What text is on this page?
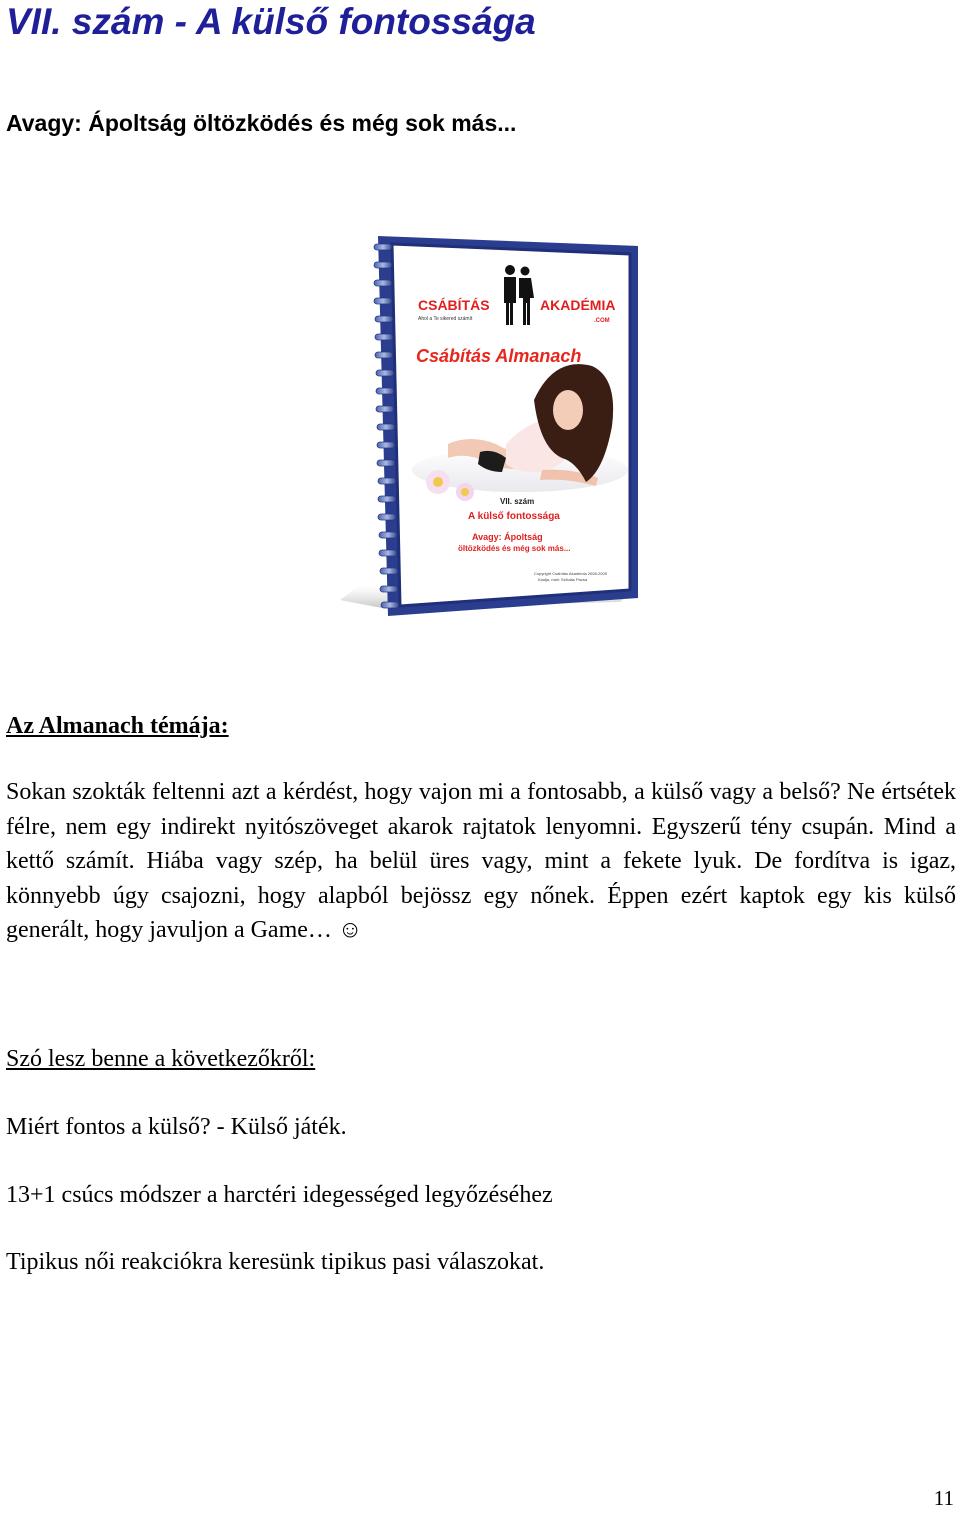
VII. szám - A külső fontossága
Avagy: Ápoltság öltözködés és még sok más...
CSÁBÍTÁS	AKADÉMIA
.COM
Ahol a Te sikered számít
Csábítás Almanach
VII. szám
A külső fontossága
Avagy: Ápoltság
öltözködés és még sok más...
Copyright Csábítás Akadémia 2008-2009
Kiadja, mail: Szitulás Pacsa
Az Almanach témája:

Sokan szokták feltenni azt a kérdést, hogy vajon mi a fontosabb, a külső vagy a belső? Ne értsétek félre, nem egy indirekt nyitószöveget akarok rajtatok lenyomni. Egyszerű tény csupán. Mind a kettő számít. Hiába vagy szép, ha belül üres vagy, mint a fekete lyuk. De fordítva is igaz, könnyebb úgy csajozni, hogy alapból bejössz egy nőnek. Éppen ezért kaptok egy kis külső generált, hogy javuljon a Game… ☺

Szó lesz benne a következőkről:

Miért fontos a külső? - Külső játék.

13+1 csúcs módszer a harctéri idegességed legyőzéséhez

Tipikus női reakciókra keresünk tipikus pasi válaszokat.

11
